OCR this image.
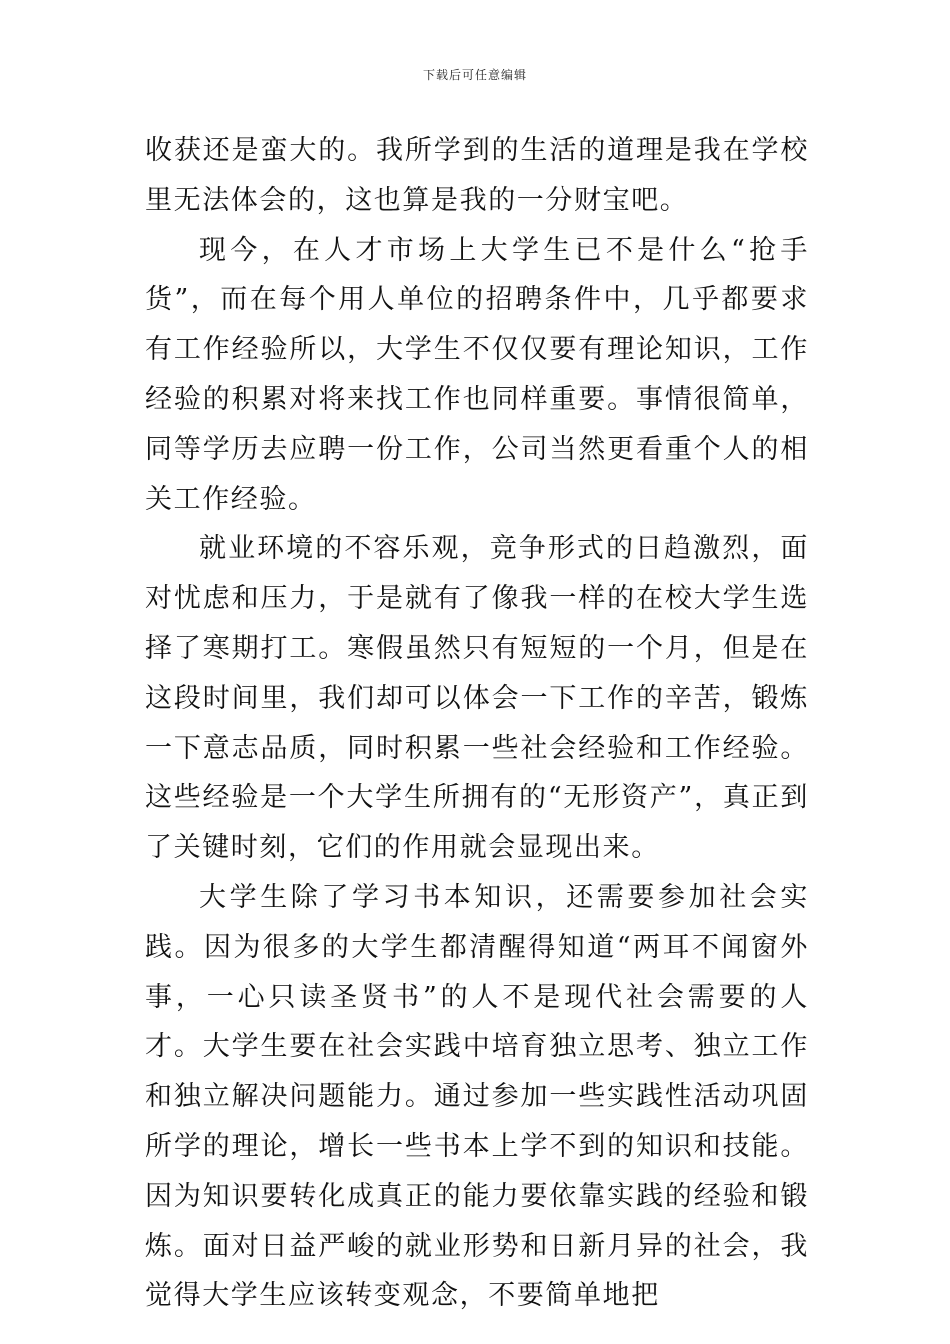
下载后可任意编辑

收获还是蛮大的。我所学到的生活的道理是我在学校里无法体会的，这也算是我的一分财宝吧。

现今，在人才市场上大学生已不是什么“抢手货”，而在每个用人单位的招聘条件中，几乎都要求有工作经验所以，大学生不仅仅要有理论知识，工作经验的积累对将来找工作也同样重要。事情很简单，同等学历去应聘一份工作，公司当然更看重个人的相关工作经验。

就业环境的不容乐观，竞争形式的日趋激烈，面对忧虑和压力，于是就有了像我一样的在校大学生选择了寒期打工。寒假虽然只有短短的一个月，但是在这段时间里，我们却可以体会一下工作的辛苦，锻炼一下意志品质，同时积累一些社会经验和工作经验。这些经验是一个大学生所拥有的“无形资产”，真正到了关键时刻，它们的作用就会显现出来。

大学生除了学习书本知识，还需要参加社会实践。因为很多的大学生都清醒得知道“两耳不闻窗外事，一心只读圣贤书”的人不是现代社会需要的人才。大学生要在社会实践中培育独立思考、独立工作和独立解决问题能力。通过参加一些实践性活动巩固所学的理论，增长一些书本上学不到的知识和技能。因为知识要转化成真正的能力要依靠实践的经验和锻炼。面对日益严峻的就业形势和日新月异的社会，我觉得大学生应该转变观念，不要简单地把
